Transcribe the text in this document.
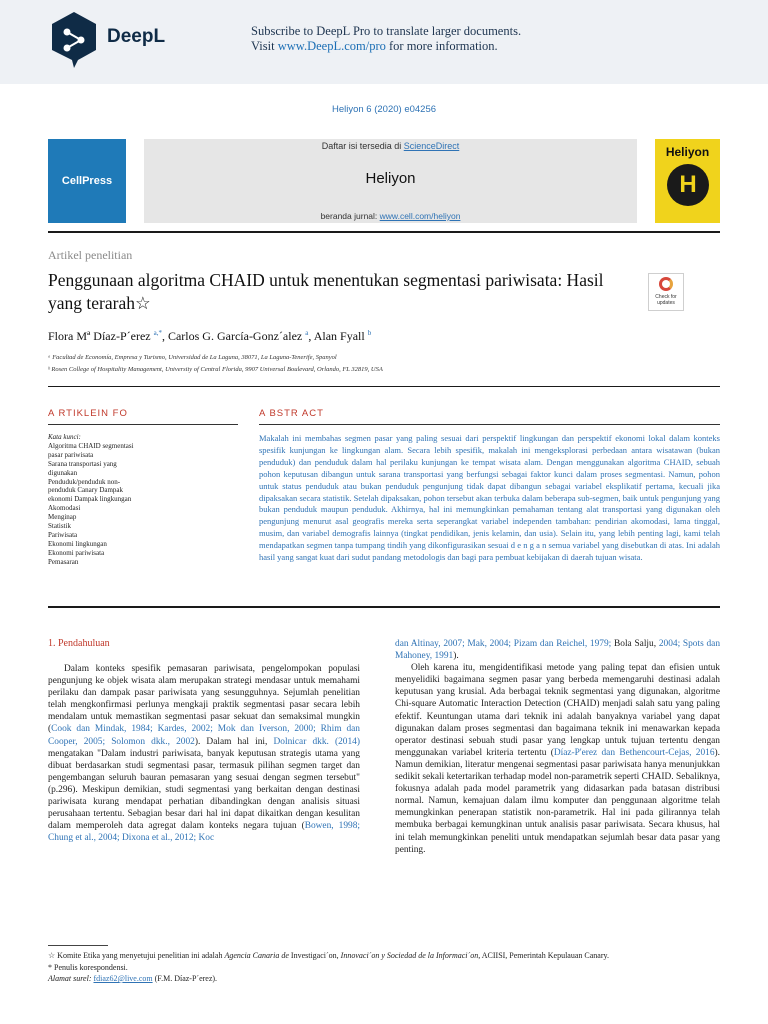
DeepL	Subscribe to DeepL Pro to translate larger documents.
Visit www.DeepL.com/pro for more information.
Heliyon 6 (2020) e04256
CellPress
Daftar isi tersedia di ScienceDirect
Heliyon
beranda jurnal: www.cell.com/heliyon
Heliyon
H
Artikel penelitian
Penggunaan algoritma CHAID untuk menentukan segmentasi pariwisata: Hasil
yang terarah☆	Check for updates
Flora Mª Díaz-P´erez $^{a,*}$, Carlos G. García-Gonz´alez $^a$, Alan Fyall $^b$
ᵃ Facultad de Economía, Empresa y Turismo, Universidad de La Laguna, 38071, La Laguna-Tenerife, Spanyol
ᵇ Rosen College of Hospitality Management, University of Central Florida, 9907 Universal Boulevard, Orlando, FL 32819, USA
A RTIKLEIN FO	A BSTR ACT
Kata kunci:
Algoritma CHAID segmentasi
pasar pariwisata
Sarana transportasi yang
digunakan
Penduduk/penduduk non-
penduduk Canary Dampak
ekonomi Dampak lingkungan
Akomodasi
Menginap
Statistik
Pariwisata
Ekonomi lingkungan
Ekonomi pariwisata
Pemasaran
Makalah ini membahas segmen pasar yang paling sesuai dari perspektif lingkungan dan perspektif ekonomi lokal dalam konteks spesifik kunjungan ke lingkungan alam. Secara lebih spesifik, makalah ini mengeksplorasi perbedaan antara wisatawan (bukan penduduk) dan penduduk dalam hal perilaku kunjungan ke tempat wisata alam. Dengan menggunakan algoritma CHAID, sebuah pohon keputusan dibangun untuk sarana transportasi yang berfungsi sebagai faktor kunci dalam proses segmentasi. Namun, pohon untuk status penduduk atau bukan penduduk pengunjung tidak dapat dibangun sebagai variabel eksplikatif pertama, kecuali jika dipaksakan secara statistik. Setelah dipaksakan, pohon tersebut akan terbuka dalam beberapa sub-segmen, baik untuk pengunjung yang bukan penduduk maupun penduduk. Akhirnya, hal ini memungkinkan pemahaman tentang alat transportasi yang digunakan oleh pengunjung menurut asal geografis mereka serta seperangkat variabel independen tambahan: pendirian akomodasi, lama tinggal, musim, dan variabel demografis lainnya (tingkat pendidikan, jenis kelamin, dan usia). Selain itu, yang lebih penting lagi, kami telah mendapatkan segmen tanpa tumpang tindih yang dikonfigurasikan sesuai d e n g a n semua variabel yang disebutkan di atas. Ini adalah hasil yang sangat kuat dari sudut pandang metodologis dan bagi para pembuat kebijakan di daerah tujuan wisata.
1. Pendahuluan

Dalam konteks spesifik pemasaran pariwisata, pengelompokan populasi pengunjung ke objek wisata alam merupakan strategi mendasar untuk memahami perilaku dan dampak pasar pariwisata yang sesungguhnya. Sejumlah penelitian telah mengkonfirmasi perlunya mengkaji praktik segmentasi pasar secara lebih mendalam untuk memastikan segmentasi pasar sekuat dan semaksimal mungkin (Cook dan Mindak, 1984; Kardes, 2002; Mok dan Iverson, 2000; Rhim dan Cooper, 2005; Solomon dkk., 2002). Dalam hal ini, Dolnicar dkk. (2014) mengatakan "Dalam industri pariwisata, banyak keputusan strategis utama yang dibuat berdasarkan studi segmentasi pasar, termasuk pilihan segmen target dan pengembangan seluruh bauran pemasaran yang sesuai dengan segmen tersebut" (p.296). Meskipun demikian, studi segmentasi yang berkaitan dengan destinasi pariwisata kurang mendapat perhatian dibandingkan dengan analisis situasi perusahaan tertentu. Sebagian besar dari hal ini dapat dikaitkan dengan kesulitan dalam memperoleh data agregat dalam konteks negara tujuan (Bowen, 1998; Chung et al., 2004; Dixona et al., 2012; Koc

dan Altinay, 2007; Mak, 2004; Pizam dan Reichel, 1979; Bola Salju, 2004; Spots dan Mahoney, 1991).

Oleh karena itu, mengidentifikasi metode yang paling tepat dan efisien untuk menyelidiki bagaimana segmen pasar yang berbeda memengaruhi destinasi adalah keputusan yang krusial. Ada berbagai teknik segmentasi yang digunakan, algoritme Chi-square Automatic Interaction Detection (CHAID) menjadi salah satu yang paling efektif. Keuntungan utama dari teknik ini adalah banyaknya variabel yang dapat digunakan dalam proses segmentasi dan bagaimana teknik ini menawarkan kepada operator destinasi sebuah studi pasar yang lengkap untuk tujuan tertentu dengan menggunakan variabel kriteria tertentu (Díaz-P'erez dan Bethencourt-Cejas, 2016). Namun demikian, literatur mengenai segmentasi pasar pariwisata hanya menunjukkan sedikit sekali ketertarikan terhadap model non-parametrik seperti CHAID. Sebaliknya, fokusnya adalah pada model parametrik yang didasarkan pada batasan distribusi normal. Namun, kemajuan dalam ilmu komputer dan penggunaan algoritme telah memungkinkan penerapan statistik non-parametrik. Hal ini pada gilirannya telah membuka berbagai kemungkinan untuk analisis pasar pariwisata. Secara khusus, hal ini telah memungkinkan peneliti untuk mendapatkan sejumlah besar data pasar yang penting.

☆ Komite Etika yang menyetujui penelitian ini adalah Agencia Canaria de Investigaci´on, Innovaci´on y Sociedad de la Informaci´on, ACIISI, Pemerintah Kepulauan Canary.
* Penulis korespondensi.
Alamat surel: fdiaz62@live.com (F.M. Díaz-P´erez).
